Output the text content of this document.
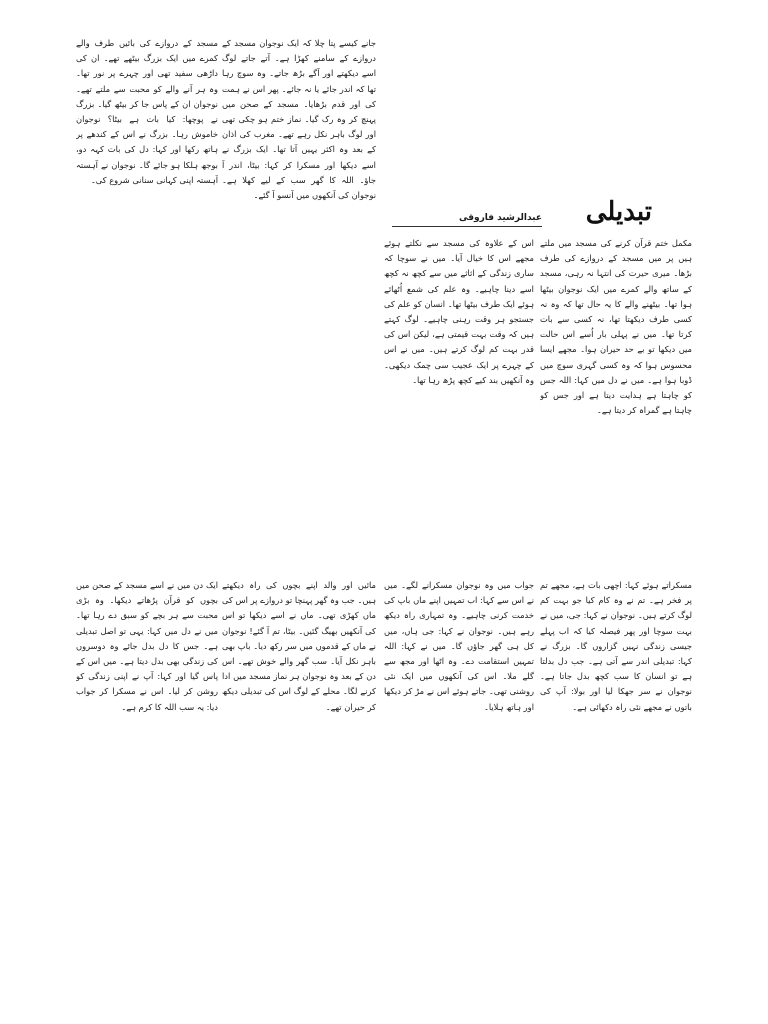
تبدیلی
عبدالرشید فاروقی

مکمل ختم قرآن کرنے کی مسجد میں ملتے ہیں پر میں مسجد کے دروازے کی طرف بڑھا۔ میری حیرت کی انتہا نہ رہی، مسجد کے ساتھ والے کمرے میں ایک نوجوان بیٹھا ہوا تھا۔ بیٹھنے والے کا یہ حال تھا کہ وہ نہ کسی طرف دیکھتا تھا، نہ کسی سے بات کرتا تھا۔ میں نے پہلی بار اُسے اس حالت میں دیکھا تو بے حد حیران ہوا۔ مجھے ایسا محسوس ہوا کہ وہ کسی گہری سوچ میں ڈوبا ہوا ہے۔ میں نے دل میں کہا: اللہ جس کو چاہتا ہے ہدایت دیتا ہے اور جس کو چاہتا ہے گمراہ کر دیتا ہے۔

اس کے علاوہ کی مسجد سے نکلتے ہوئے مجھے اس کا خیال آیا۔ میں نے سوچا کہ ساری زندگی کے اثاثے میں سے کچھ نہ کچھ اسے دینا چاہیے۔ وہ علم کی شمع اُٹھائے ہوئے ایک طرف بیٹھا تھا۔ انسان کو علم کی جستجو ہر وقت رہنی چاہیے۔ لوگ کہتے ہیں کہ وقت بہت قیمتی ہے، لیکن اس کی قدر بہت کم لوگ کرتے ہیں۔ میں نے اس کے چہرے پر ایک عجیب سی چمک دیکھی۔ وہ آنکھیں بند کیے کچھ پڑھ رہا تھا۔

جانے کیسے پتا چلا کہ ایک نوجوان مسجد کے دروازے کے سامنے کھڑا ہے۔ آتے جاتے لوگ اسے دیکھتے اور آگے بڑھ جاتے۔ وہ سوچ رہا تھا کہ اندر جائے یا نہ جائے۔ پھر اس نے ہمت کی اور قدم بڑھایا۔ مسجد کے صحن میں پہنچ کر وہ رک گیا۔ نماز ختم ہو چکی تھی اور لوگ باہر نکل رہے تھے۔ مغرب کی اذان کے بعد وہ اکثر یہیں آتا تھا۔ ایک بزرگ نے اسے دیکھا اور مسکرا کر کہا: بیٹا، اندر آ جاؤ۔ اللہ کا گھر سب کے لیے کھلا ہے۔ نوجوان کی آنکھوں میں آنسو آ گئے۔

مسجد کے دروازے کی بائیں طرف والے کمرے میں ایک بزرگ بیٹھے تھے۔ ان کی داڑھی سفید تھی اور چہرے پر نور تھا۔ وہ ہر آنے والے کو محبت سے ملتے تھے۔ نوجوان ان کے پاس جا کر بیٹھ گیا۔ بزرگ نے پوچھا: کیا بات ہے بیٹا؟ نوجوان خاموش رہا۔ بزرگ نے اس کے کندھے پر ہاتھ رکھا اور کہا: دل کی بات کہہ دو، بوجھ ہلکا ہو جائے گا۔ نوجوان نے آہستہ آہستہ اپنی کہانی سنانی شروع کی۔

مسکراتے ہوئے کہا: اچھی بات ہے، مجھے تم پر فخر ہے۔ تم نے وہ کام کیا جو بہت کم لوگ کرتے ہیں۔ نوجوان نے کہا: جی، میں نے بہت سوچا اور پھر فیصلہ کیا کہ اب پہلے جیسی زندگی نہیں گزاروں گا۔ بزرگ نے کہا: تبدیلی اندر سے آتی ہے۔ جب دل بدلتا ہے تو انسان کا سب کچھ بدل جاتا ہے۔ نوجوان نے سر جھکا لیا اور بولا: آپ کی باتوں نے مجھے نئی راہ دکھائی ہے۔

جواب میں وہ نوجوان مسکرانے لگے۔ میں نے اس سے کہا: اب تمہیں اپنے ماں باپ کی خدمت کرنی چاہیے۔ وہ تمہاری راہ دیکھ رہے ہیں۔ نوجوان نے کہا: جی ہاں، میں کل ہی گھر جاؤں گا۔ میں نے کہا: اللہ تمہیں استقامت دے۔ وہ اٹھا اور مجھ سے گلے ملا۔ اس کی آنکھوں میں ایک نئی روشنی تھی۔ جاتے ہوئے اس نے مڑ کر دیکھا اور ہاتھ ہلایا۔

مائیں اور والد اپنے بچوں کی راہ دیکھتے ہیں۔ جب وہ گھر پہنچا تو دروازے پر اس کی ماں کھڑی تھی۔ ماں نے اسے دیکھا تو اس کی آنکھیں بھیگ گئیں۔ بیٹا، تم آ گئے! نوجوان نے ماں کے قدموں میں سر رکھ دیا۔ باپ بھی باہر نکل آیا۔ سب گھر والے خوش تھے۔ اس دن کے بعد وہ نوجوان ہر نماز مسجد میں ادا کرنے لگا۔ محلے کے لوگ اس کی تبدیلی دیکھ کر حیران تھے۔

ایک دن میں نے اسے مسجد کے صحن میں بچوں کو قرآن پڑھاتے دیکھا۔ وہ بڑی محبت سے ہر بچے کو سبق دے رہا تھا۔ میں نے دل میں کہا: یہی تو اصل تبدیلی ہے۔ جس کا دل بدل جائے وہ دوسروں کی زندگی بھی بدل دیتا ہے۔ میں اس کے پاس گیا اور کہا: آپ نے اپنی زندگی کو روشن کر لیا۔ اس نے مسکرا کر جواب دیا: یہ سب اللہ کا کرم ہے۔
